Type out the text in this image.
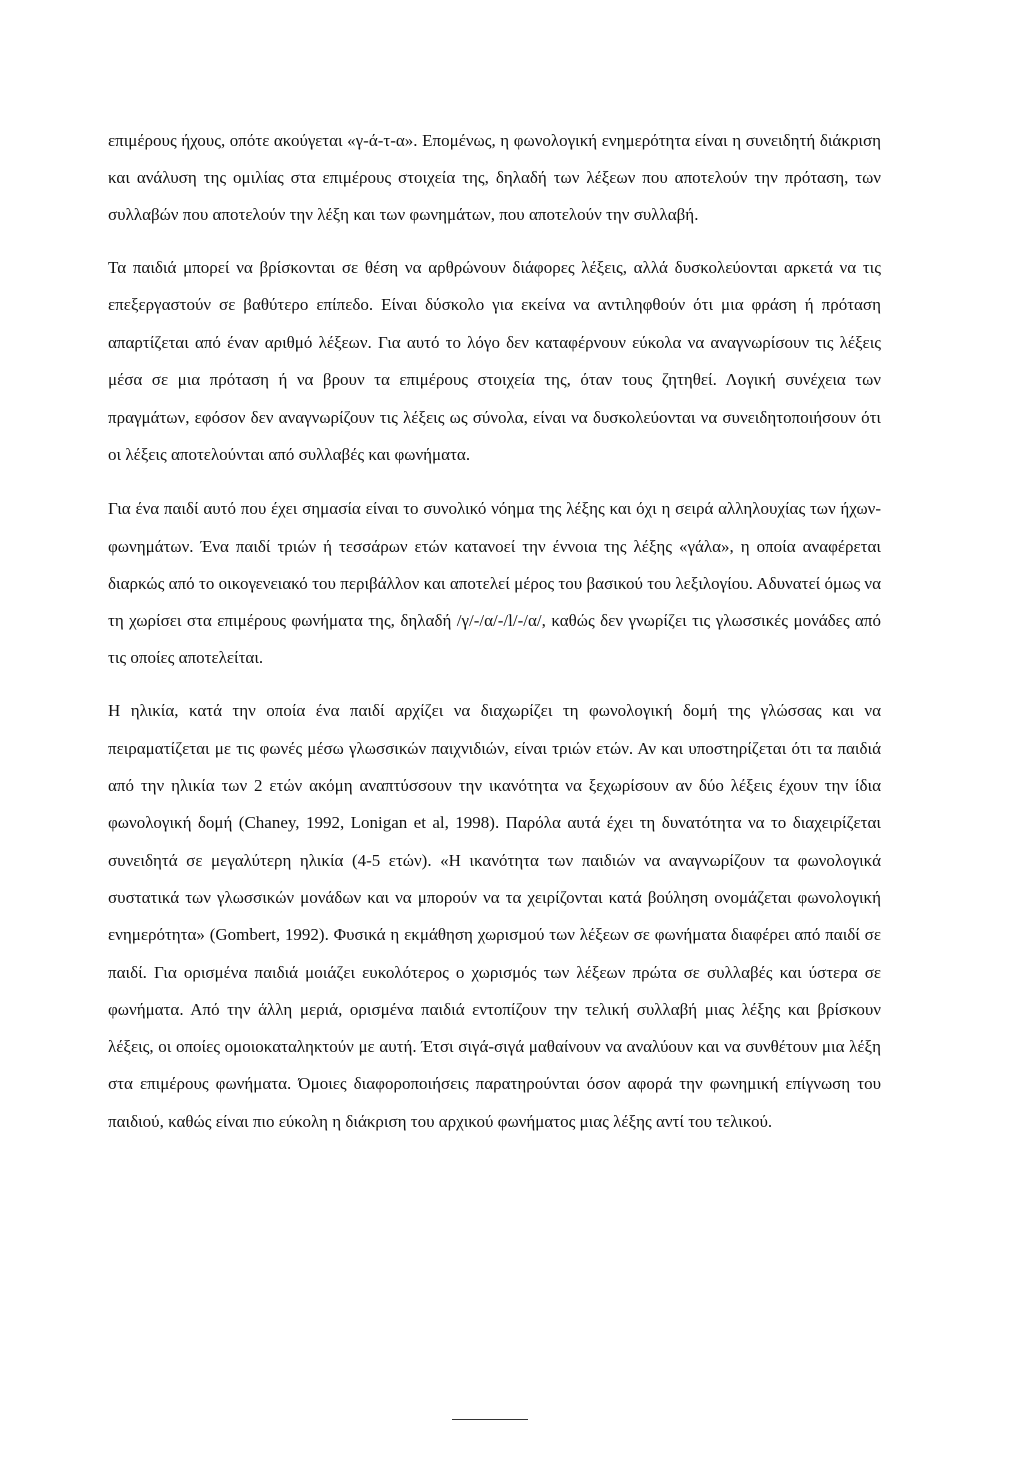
επιμέρους ήχους, οπότε ακούγεται «γ-ά-τ-α». Επομένως, η φωνολογική ενημερότητα είναι η συνειδητή διάκριση και ανάλυση της ομιλίας στα επιμέρους στοιχεία της, δηλαδή των λέξεων που αποτελούν την πρόταση, των συλλαβών που αποτελούν την λέξη και των φωνημάτων, που αποτελούν την συλλαβή.

Τα παιδιά μπορεί να βρίσκονται σε θέση να αρθρώνουν διάφορες λέξεις, αλλά δυσκολεύονται αρκετά να τις επεξεργαστούν σε βαθύτερο επίπεδο. Είναι δύσκολο για εκείνα να αντιληφθούν ότι μια φράση ή πρόταση απαρτίζεται από έναν αριθμό λέξεων. Για αυτό το λόγο δεν καταφέρνουν εύκολα να αναγνωρίσουν τις λέξεις μέσα σε μια πρόταση ή να βρουν τα επιμέρους στοιχεία της, όταν τους ζητηθεί. Λογική συνέχεια των πραγμάτων, εφόσον δεν αναγνωρίζουν τις λέξεις ως σύνολα, είναι να δυσκολεύονται να συνειδητοποιήσουν ότι οι λέξεις αποτελούνται από συλλαβές και φωνήματα.

Για ένα παιδί αυτό που έχει σημασία είναι το συνολικό νόημα της λέξης και όχι η σειρά αλληλουχίας των ήχων-φωνημάτων. Ένα παιδί τριών ή τεσσάρων ετών κατανοεί την έννοια της λέξης «γάλα», η οποία αναφέρεται διαρκώς από το οικογενειακό του περιβάλλον και αποτελεί μέρος του βασικού του λεξιλογίου. Αδυνατεί όμως να τη χωρίσει στα επιμέρους φωνήματα της, δηλαδή /γ/-/α/-/l/-/α/, καθώς δεν γνωρίζει τις γλωσσικές μονάδες από τις οποίες αποτελείται.

Η ηλικία, κατά την οποία ένα παιδί αρχίζει να διαχωρίζει τη φωνολογική δομή της γλώσσας και να πειραματίζεται με τις φωνές μέσω γλωσσικών παιχνιδιών, είναι τριών ετών. Αν και υποστηρίζεται ότι τα παιδιά από την ηλικία των 2 ετών ακόμη αναπτύσσουν την ικανότητα να ξεχωρίσουν αν δύο λέξεις έχουν την ίδια φωνολογική δομή (Chaney, 1992, Lonigan et al, 1998). Παρόλα αυτά έχει τη δυνατότητα να το διαχειρίζεται συνειδητά σε μεγαλύτερη ηλικία (4-5 ετών). «Η ικανότητα των παιδιών να αναγνωρίζουν τα φωνολογικά συστατικά των γλωσσικών μονάδων και να μπορούν να τα χειρίζονται κατά βούληση ονομάζεται φωνολογική ενημερότητα» (Gombert, 1992). Φυσικά η εκμάθηση χωρισμού των λέξεων σε φωνήματα διαφέρει από παιδί σε παιδί. Για ορισμένα παιδιά μοιάζει ευκολότερος ο χωρισμός των λέξεων πρώτα σε συλλαβές και ύστερα σε φωνήματα. Από την άλλη μεριά, ορισμένα παιδιά εντοπίζουν την τελική συλλαβή μιας λέξης και βρίσκουν λέξεις, οι οποίες ομοιοκαταληκτούν με αυτή. Έτσι σιγά-σιγά μαθαίνουν να αναλύουν και να συνθέτουν μια λέξη στα επιμέρους φωνήματα. Όμοιες διαφοροποιήσεις παρατηρούνται όσον αφορά την φωνημική επίγνωση του παιδιού, καθώς είναι πιο εύκολη η διάκριση του αρχικού φωνήματος μιας λέξης αντί του τελικού.
